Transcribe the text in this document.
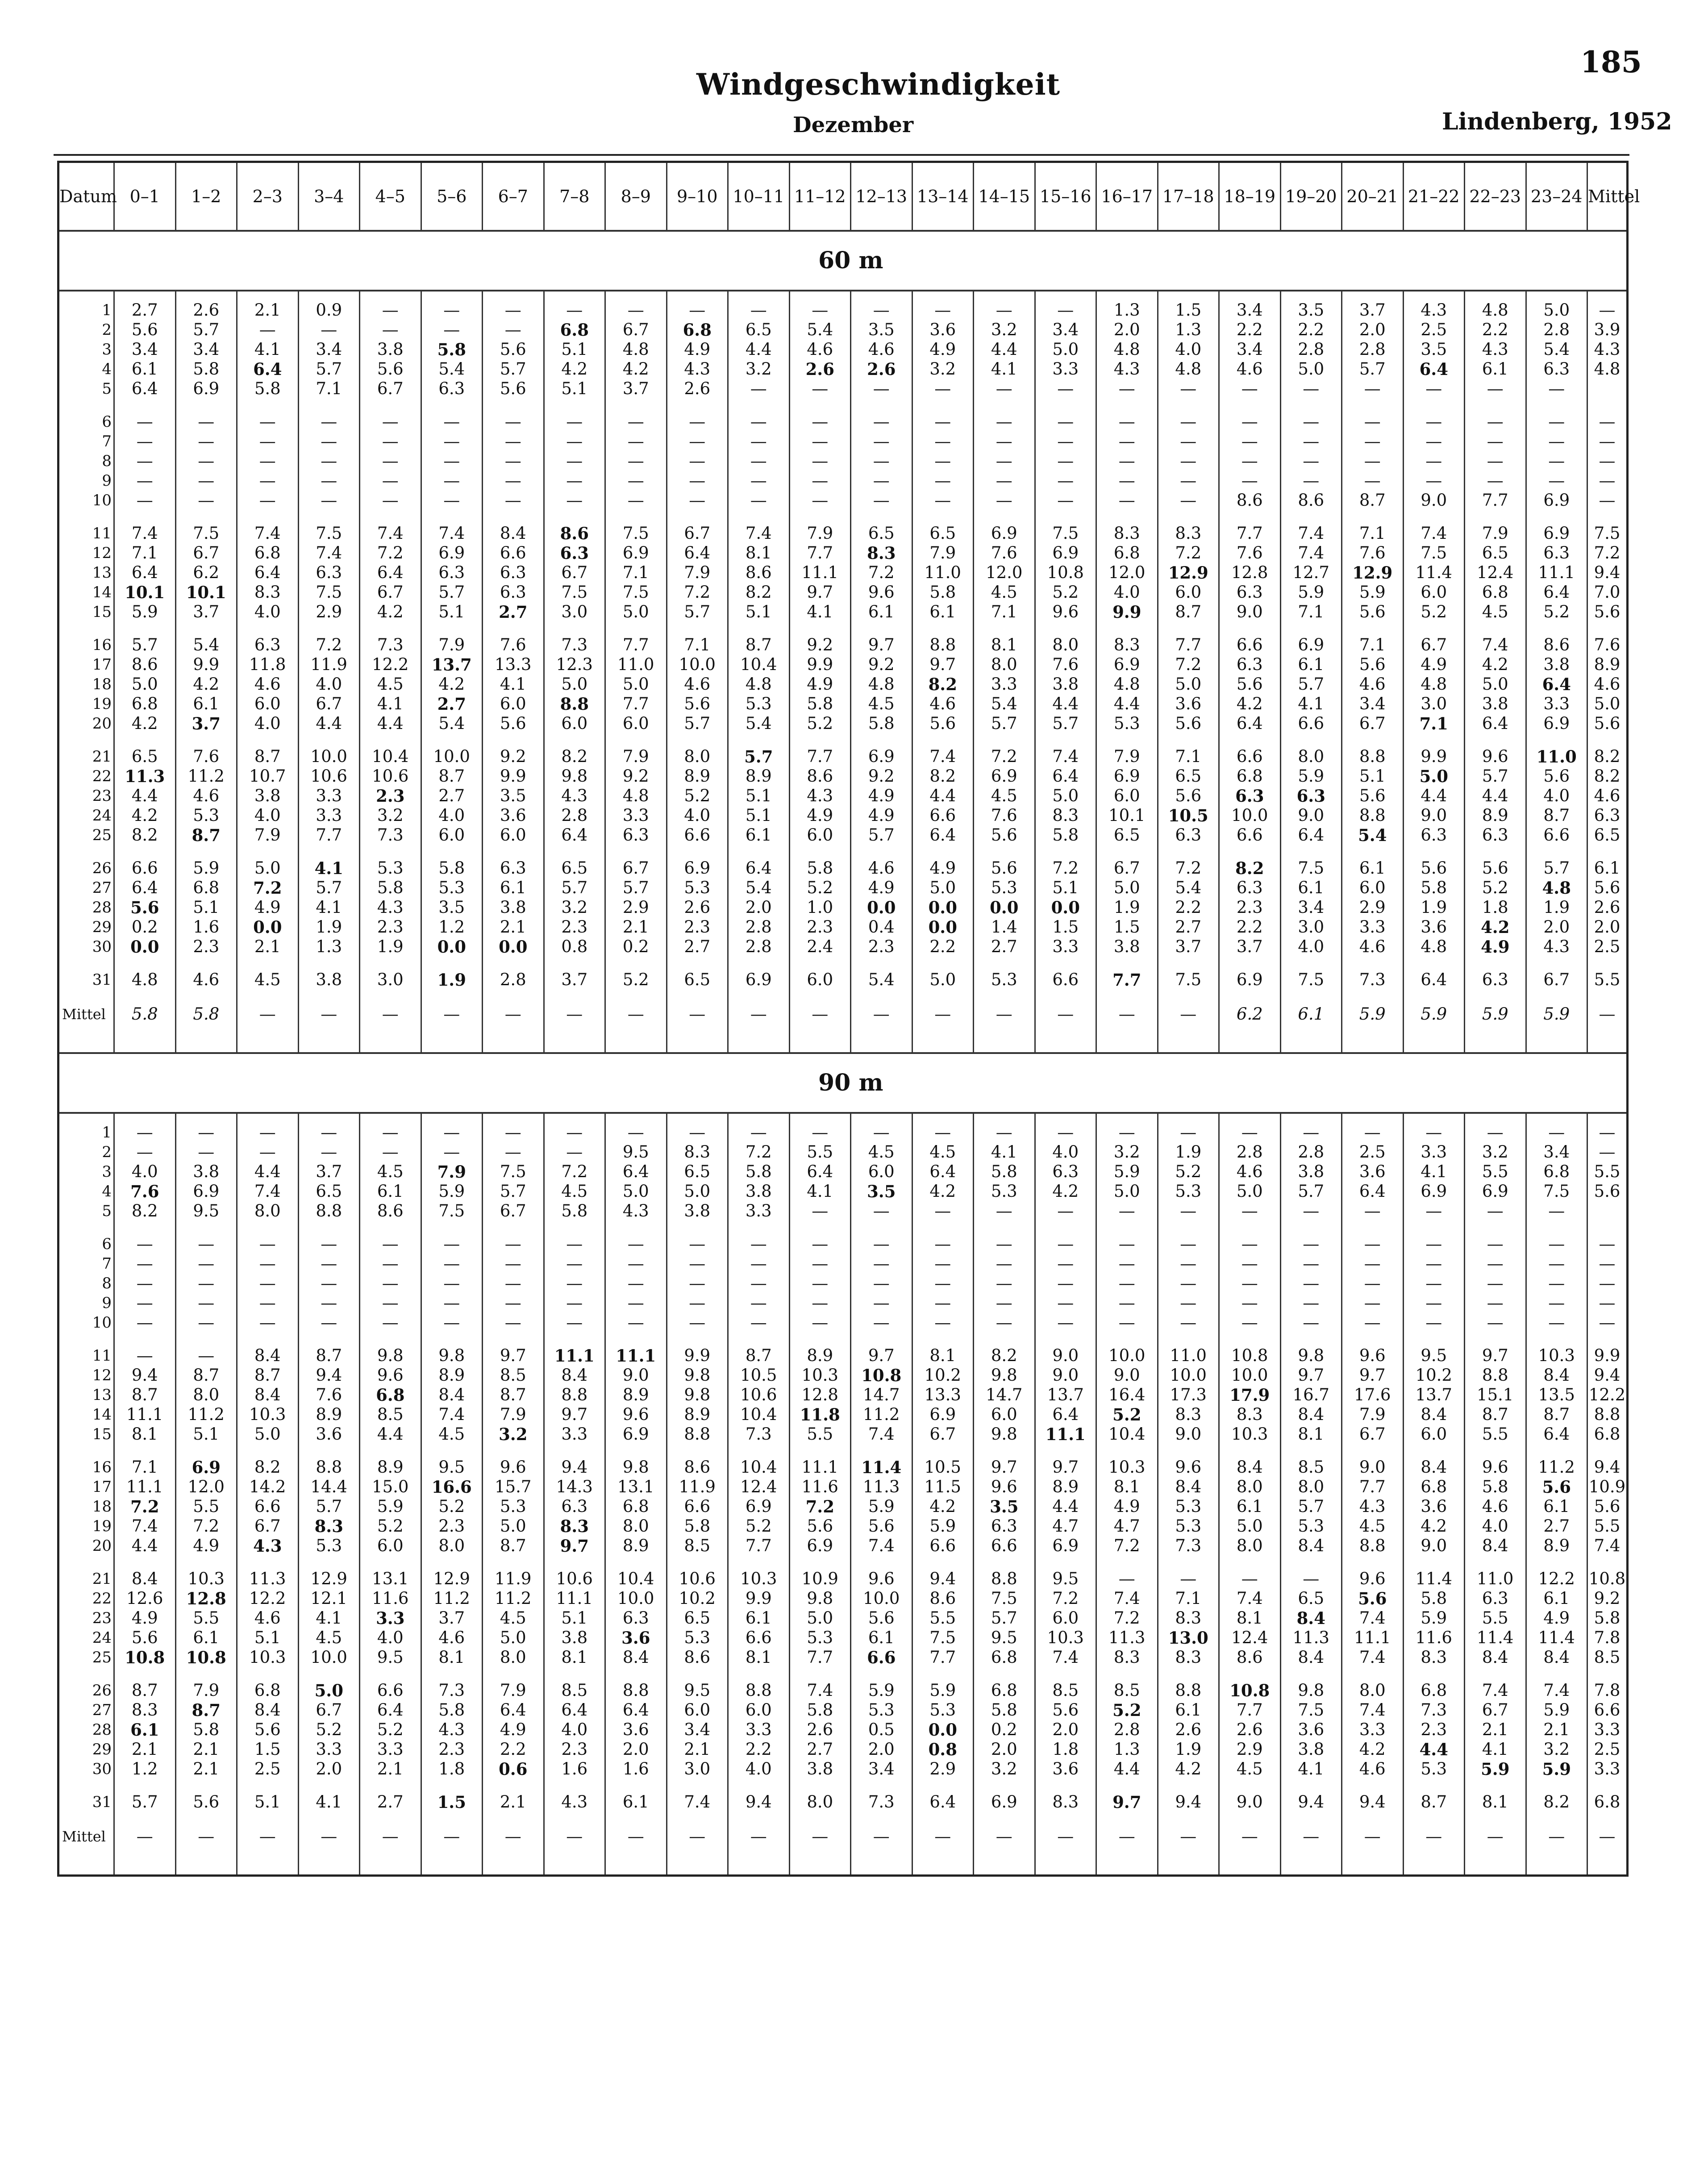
185
Windgeschwindigkeit
Dezember	Lindenberg, 1952
Datum	0–1	1–2	2–3	3–4	4–5	5–6	6–7	7–8	8–9	9–10	10–11	11–12	12–13	13–14	14–15	15–16	16–17	17–18	18–19	19–20	20–21	21–22	22–23	23–24	Mittel
60 m																									

1	2.7	2.6	2.1	0.9	—	—	—	—	—	—	—	—	—	—	—	—	1.3	1.5	3.4	3.5	3.7	4.3	4.8	5.0	—
2	5.6	5.7	—	—	—	—	—	6.8	6.7	6.8	6.5	5.4	3.5	3.6	3.2	3.4	2.0	1.3	2.2	2.2	2.0	2.5	2.2	2.8	3.9
3	3.4	3.4	4.1	3.4	3.8	5.8	5.6	5.1	4.8	4.9	4.4	4.6	4.6	4.9	4.4	5.0	4.8	4.0	3.4	2.8	2.8	3.5	4.3	5.4	4.3
4	6.1	5.8	6.4	5.7	5.6	5.4	5.7	4.2	4.2	4.3	3.2	2.6	2.6	3.2	4.1	3.3	4.3	4.8	4.6	5.0	5.7	6.4	6.1	6.3	4.8
5	6.4	6.9	5.8	7.1	6.7	6.3	5.6	5.1	3.7	2.6	—	—	—	—	—	—	—	—	—	—	—	—	—	—	

6	—	—	—	—	—	—	—	—	—	—	—	—	—	—	—	—	—	—	—	—	—	—	—	—	—
7	—	—	—	—	—	—	—	—	—	—	—	—	—	—	—	—	—	—	—	—	—	—	—	—	—
8	—	—	—	—	—	—	—	—	—	—	—	—	—	—	—	—	—	—	—	—	—	—	—	—	—
9	—	—	—	—	—	—	—	—	—	—	—	—	—	—	—	—	—	—	—	—	—	—	—	—	—
10	—	—	—	—	—	—	—	—	—	—	—	—	—	—	—	—	—	—	8.6	8.6	8.7	9.0	7.7	6.9	—

11	7.4	7.5	7.4	7.5	7.4	7.4	8.4	8.6	7.5	6.7	7.4	7.9	6.5	6.5	6.9	7.5	8.3	8.3	7.7	7.4	7.1	7.4	7.9	6.9	7.5
12	7.1	6.7	6.8	7.4	7.2	6.9	6.6	6.3	6.9	6.4	8.1	7.7	8.3	7.9	7.6	6.9	6.8	7.2	7.6	7.4	7.6	7.5	6.5	6.3	7.2
13	6.4	6.2	6.4	6.3	6.4	6.3	6.3	6.7	7.1	7.9	8.6	11.1	7.2	11.0	12.0	10.8	12.0	12.9	12.8	12.7	12.9	11.4	12.4	11.1	9.4
14	10.1	10.1	8.3	7.5	6.7	5.7	6.3	7.5	7.5	7.2	8.2	9.7	9.6	5.8	4.5	5.2	4.0	6.0	6.3	5.9	5.9	6.0	6.8	6.4	7.0
15	5.9	3.7	4.0	2.9	4.2	5.1	2.7	3.0	5.0	5.7	5.1	4.1	6.1	6.1	7.1	9.6	9.9	8.7	9.0	7.1	5.6	5.2	4.5	5.2	5.6

16	5.7	5.4	6.3	7.2	7.3	7.9	7.6	7.3	7.7	7.1	8.7	9.2	9.7	8.8	8.1	8.0	8.3	7.7	6.6	6.9	7.1	6.7	7.4	8.6	7.6
17	8.6	9.9	11.8	11.9	12.2	13.7	13.3	12.3	11.0	10.0	10.4	9.9	9.2	9.7	8.0	7.6	6.9	7.2	6.3	6.1	5.6	4.9	4.2	3.8	8.9
18	5.0	4.2	4.6	4.0	4.5	4.2	4.1	5.0	5.0	4.6	4.8	4.9	4.8	8.2	3.3	3.8	4.8	5.0	5.6	5.7	4.6	4.8	5.0	6.4	4.6
19	6.8	6.1	6.0	6.7	4.1	2.7	6.0	8.8	7.7	5.6	5.3	5.8	4.5	4.6	5.4	4.4	4.4	3.6	4.2	4.1	3.4	3.0	3.8	3.3	5.0
20	4.2	3.7	4.0	4.4	4.4	5.4	5.6	6.0	6.0	5.7	5.4	5.2	5.8	5.6	5.7	5.7	5.3	5.6	6.4	6.6	6.7	7.1	6.4	6.9	5.6

21	6.5	7.6	8.7	10.0	10.4	10.0	9.2	8.2	7.9	8.0	5.7	7.7	6.9	7.4	7.2	7.4	7.9	7.1	6.6	8.0	8.8	9.9	9.6	11.0	8.2
22	11.3	11.2	10.7	10.6	10.6	8.7	9.9	9.8	9.2	8.9	8.9	8.6	9.2	8.2	6.9	6.4	6.9	6.5	6.8	5.9	5.1	5.0	5.7	5.6	8.2
23	4.4	4.6	3.8	3.3	2.3	2.7	3.5	4.3	4.8	5.2	5.1	4.3	4.9	4.4	4.5	5.0	6.0	5.6	6.3	6.3	5.6	4.4	4.4	4.0	4.6
24	4.2	5.3	4.0	3.3	3.2	4.0	3.6	2.8	3.3	4.0	5.1	4.9	4.9	6.6	7.6	8.3	10.1	10.5	10.0	9.0	8.8	9.0	8.9	8.7	6.3
25	8.2	8.7	7.9	7.7	7.3	6.0	6.0	6.4	6.3	6.6	6.1	6.0	5.7	6.4	5.6	5.8	6.5	6.3	6.6	6.4	5.4	6.3	6.3	6.6	6.5

26	6.6	5.9	5.0	4.1	5.3	5.8	6.3	6.5	6.7	6.9	6.4	5.8	4.6	4.9	5.6	7.2	6.7	7.2	8.2	7.5	6.1	5.6	5.6	5.7	6.1
27	6.4	6.8	7.2	5.7	5.8	5.3	6.1	5.7	5.7	5.3	5.4	5.2	4.9	5.0	5.3	5.1	5.0	5.4	6.3	6.1	6.0	5.8	5.2	4.8	5.6
28	5.6	5.1	4.9	4.1	4.3	3.5	3.8	3.2	2.9	2.6	2.0	1.0	0.0	0.0	0.0	0.0	1.9	2.2	2.3	3.4	2.9	1.9	1.8	1.9	2.6
29	0.2	1.6	0.0	1.9	2.3	1.2	2.1	2.3	2.1	2.3	2.8	2.3	0.4	0.0	1.4	1.5	1.5	2.7	2.2	3.0	3.3	3.6	4.2	2.0	2.0
30	0.0	2.3	2.1	1.3	1.9	0.0	0.0	0.8	0.2	2.7	2.8	2.4	2.3	2.2	2.7	3.3	3.8	3.7	3.7	4.0	4.6	4.8	4.9	4.3	2.5

31	4.8	4.6	4.5	3.8	3.0	1.9	2.8	3.7	5.2	6.5	6.9	6.0	5.4	5.0	5.3	6.6	7.7	7.5	6.9	7.5	7.3	6.4	6.3	6.7	5.5

Mittel	5.8	5.8	—	—	—	—	—	—	—	—	—	—	—	—	—	—	—	—	6.2	6.1	5.9	5.9	5.9	5.9	—

90 m																									

1	—	—	—	—	—	—	—	—	—	—	—	—	—	—	—	—	—	—	—	—	—	—	—	—	—
2	—	—	—	—	—	—	—	—	9.5	8.3	7.2	5.5	4.5	4.5	4.1	4.0	3.2	1.9	2.8	2.8	2.5	3.3	3.2	3.4	—
3	4.0	3.8	4.4	3.7	4.5	7.9	7.5	7.2	6.4	6.5	5.8	6.4	6.0	6.4	5.8	6.3	5.9	5.2	4.6	3.8	3.6	4.1	5.5	6.8	5.5
4	7.6	6.9	7.4	6.5	6.1	5.9	5.7	4.5	5.0	5.0	3.8	4.1	3.5	4.2	5.3	4.2	5.0	5.3	5.0	5.7	6.4	6.9	6.9	7.5	5.6
5	8.2	9.5	8.0	8.8	8.6	7.5	6.7	5.8	4.3	3.8	3.3	—	—	—	—	—	—	—	—	—	—	—	—	—	

6	—	—	—	—	—	—	—	—	—	—	—	—	—	—	—	—	—	—	—	—	—	—	—	—	—
7	—	—	—	—	—	—	—	—	—	—	—	—	—	—	—	—	—	—	—	—	—	—	—	—	—
8	—	—	—	—	—	—	—	—	—	—	—	—	—	—	—	—	—	—	—	—	—	—	—	—	—
9	—	—	—	—	—	—	—	—	—	—	—	—	—	—	—	—	—	—	—	—	—	—	—	—	—
10	—	—	—	—	—	—	—	—	—	—	—	—	—	—	—	—	—	—	—	—	—	—	—	—	—

11	—	—	8.4	8.7	9.8	9.8	9.7	11.1	11.1	9.9	8.7	8.9	9.7	8.1	8.2	9.0	10.0	11.0	10.8	9.8	9.6	9.5	9.7	10.3	9.9
12	9.4	8.7	8.7	9.4	9.6	8.9	8.5	8.4	9.0	9.8	10.5	10.3	10.8	10.2	9.8	9.0	9.0	10.0	10.0	9.7	9.7	10.2	8.8	8.4	9.4
13	8.7	8.0	8.4	7.6	6.8	8.4	8.7	8.8	8.9	9.8	10.6	12.8	14.7	13.3	14.7	13.7	16.4	17.3	17.9	16.7	17.6	13.7	15.1	13.5	12.2
14	11.1	11.2	10.3	8.9	8.5	7.4	7.9	9.7	9.6	8.9	10.4	11.8	11.2	6.9	6.0	6.4	5.2	8.3	8.3	8.4	7.9	8.4	8.7	8.7	8.8
15	8.1	5.1	5.0	3.6	4.4	4.5	3.2	3.3	6.9	8.8	7.3	5.5	7.4	6.7	9.8	11.1	10.4	9.0	10.3	8.1	6.7	6.0	5.5	6.4	6.8

16	7.1	6.9	8.2	8.8	8.9	9.5	9.6	9.4	9.8	8.6	10.4	11.1	11.4	10.5	9.7	9.7	10.3	9.6	8.4	8.5	9.0	8.4	9.6	11.2	9.4
17	11.1	12.0	14.2	14.4	15.0	16.6	15.7	14.3	13.1	11.9	12.4	11.6	11.3	11.5	9.6	8.9	8.1	8.4	8.0	8.0	7.7	6.8	5.8	5.6	10.9
18	7.2	5.5	6.6	5.7	5.9	5.2	5.3	6.3	6.8	6.6	6.9	7.2	5.9	4.2	3.5	4.4	4.9	5.3	6.1	5.7	4.3	3.6	4.6	6.1	5.6
19	7.4	7.2	6.7	8.3	5.2	2.3	5.0	8.3	8.0	5.8	5.2	5.6	5.6	5.9	6.3	4.7	4.7	5.3	5.0	5.3	4.5	4.2	4.0	2.7	5.5
20	4.4	4.9	4.3	5.3	6.0	8.0	8.7	9.7	8.9	8.5	7.7	6.9	7.4	6.6	6.6	6.9	7.2	7.3	8.0	8.4	8.8	9.0	8.4	8.9	7.4

21	8.4	10.3	11.3	12.9	13.1	12.9	11.9	10.6	10.4	10.6	10.3	10.9	9.6	9.4	8.8	9.5	—	—	—	—	9.6	11.4	11.0	12.2	10.8
22	12.6	12.8	12.2	12.1	11.6	11.2	11.2	11.1	10.0	10.2	9.9	9.8	10.0	8.6	7.5	7.2	7.4	7.1	7.4	6.5	5.6	5.8	6.3	6.1	9.2
23	4.9	5.5	4.6	4.1	3.3	3.7	4.5	5.1	6.3	6.5	6.1	5.0	5.6	5.5	5.7	6.0	7.2	8.3	8.1	8.4	7.4	5.9	5.5	4.9	5.8
24	5.6	6.1	5.1	4.5	4.0	4.6	5.0	3.8	3.6	5.3	6.6	5.3	6.1	7.5	9.5	10.3	11.3	13.0	12.4	11.3	11.1	11.6	11.4	11.4	7.8
25	10.8	10.8	10.3	10.0	9.5	8.1	8.0	8.1	8.4	8.6	8.1	7.7	6.6	7.7	6.8	7.4	8.3	8.3	8.6	8.4	7.4	8.3	8.4	8.4	8.5

26	8.7	7.9	6.8	5.0	6.6	7.3	7.9	8.5	8.8	9.5	8.8	7.4	5.9	5.9	6.8	8.5	8.5	8.8	10.8	9.8	8.0	6.8	7.4	7.4	7.8
27	8.3	8.7	8.4	6.7	6.4	5.8	6.4	6.4	6.4	6.0	6.0	5.8	5.3	5.3	5.8	5.6	5.2	6.1	7.7	7.5	7.4	7.3	6.7	5.9	6.6
28	6.1	5.8	5.6	5.2	5.2	4.3	4.9	4.0	3.6	3.4	3.3	2.6	0.5	0.0	0.2	2.0	2.8	2.6	2.6	3.6	3.3	2.3	2.1	2.1	3.3
29	2.1	2.1	1.5	3.3	3.3	2.3	2.2	2.3	2.0	2.1	2.2	2.7	2.0	0.8	2.0	1.8	1.3	1.9	2.9	3.8	4.2	4.4	4.1	3.2	2.5
30	1.2	2.1	2.5	2.0	2.1	1.8	0.6	1.6	1.6	3.0	4.0	3.8	3.4	2.9	3.2	3.6	4.4	4.2	4.5	4.1	4.6	5.3	5.9	5.9	3.3

31	5.7	5.6	5.1	4.1	2.7	1.5	2.1	4.3	6.1	7.4	9.4	8.0	7.3	6.4	6.9	8.3	9.7	9.4	9.0	9.4	9.4	8.7	8.1	8.2	6.8

Mittel	—	—	—	—	—	—	—	—	—	—	—	—	—	—	—	—	—	—	—	—	—	—	—	—	—
